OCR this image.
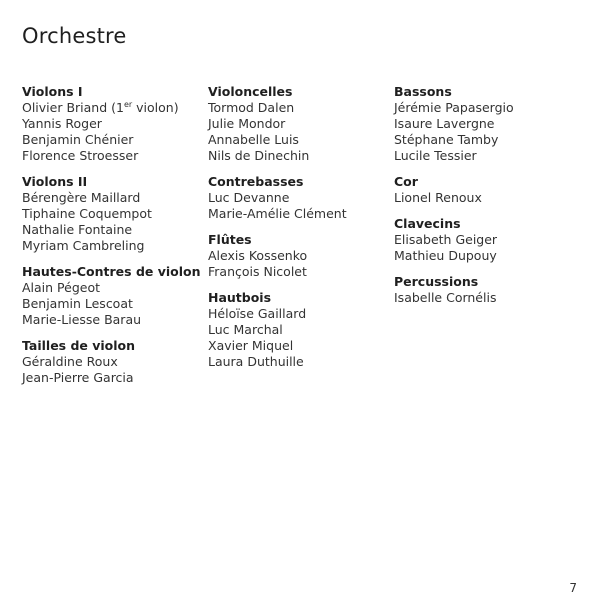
Orchestre
Violons I
Olivier Briand (1er violon)
Yannis Roger
Benjamin Chénier
Florence Stroesser
Violons II
Bérengère Maillard
Tiphaine Coquempot
Nathalie Fontaine
Myriam Cambreling
Hautes-Contres de violon
Alain Pégeot
Benjamin Lescoat
Marie-Liesse Barau
Tailles de violon
Géraldine Roux
Jean-Pierre Garcia
Violoncelles
Tormod Dalen
Julie Mondor
Annabelle Luis
Nils de Dinechin
Contrebasses
Luc Devanne
Marie-Amélie Clément
Flûtes
Alexis Kossenko
François Nicolet
Hautbois
Héloïse Gaillard
Luc Marchal
Xavier Miquel
Laura Duthuille
Bassons
Jérémie Papasergio
Isaure Lavergne
Stéphane Tamby
Lucile Tessier
Cor
Lionel Renoux
Clavecins
Elisabeth Geiger
Mathieu Dupouy
Percussions
Isabelle Cornélis
7
